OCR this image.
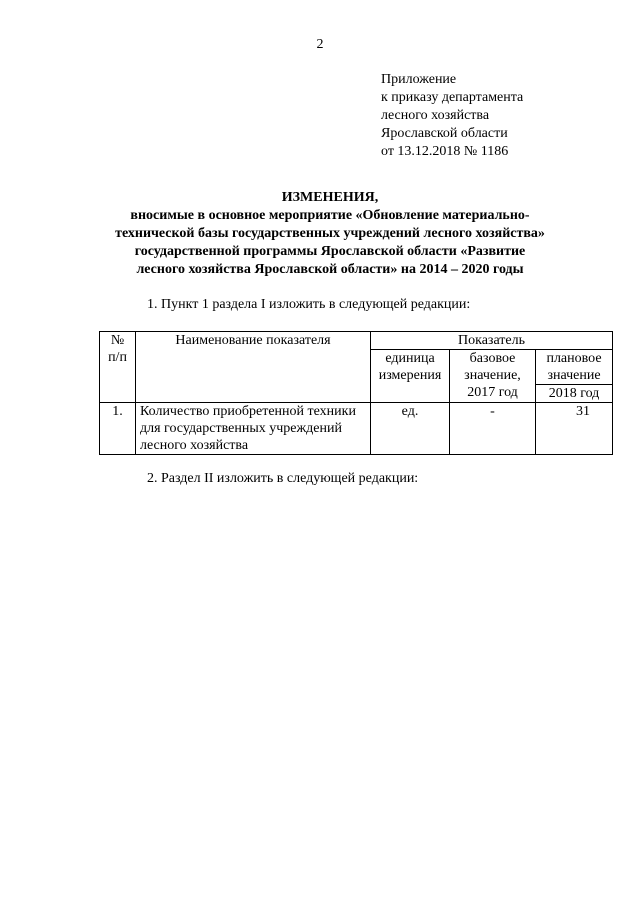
2
Приложение
к приказу департамента
лесного хозяйства
Ярославской области
от 13.12.2018 № 1186
ИЗМЕНЕНИЯ,
вносимые в основное мероприятие «Обновление материально-
технической базы государственных учреждений лесного хозяйства»
государственной программы Ярославской области «Развитие
лесного хозяйства Ярославской области» на 2014 – 2020 годы
1. Пункт 1 раздела I изложить в следующей редакции:
№ п/п	Наименование показателя	Показатель		
		единица измерения	базовое значение, 2017 год	плановое значение
				2018 год
1.	Количество приобретенной техники для государственных учреждений лесного хозяйства	ед.	-	31
2. Раздел II изложить в следующей редакции:
